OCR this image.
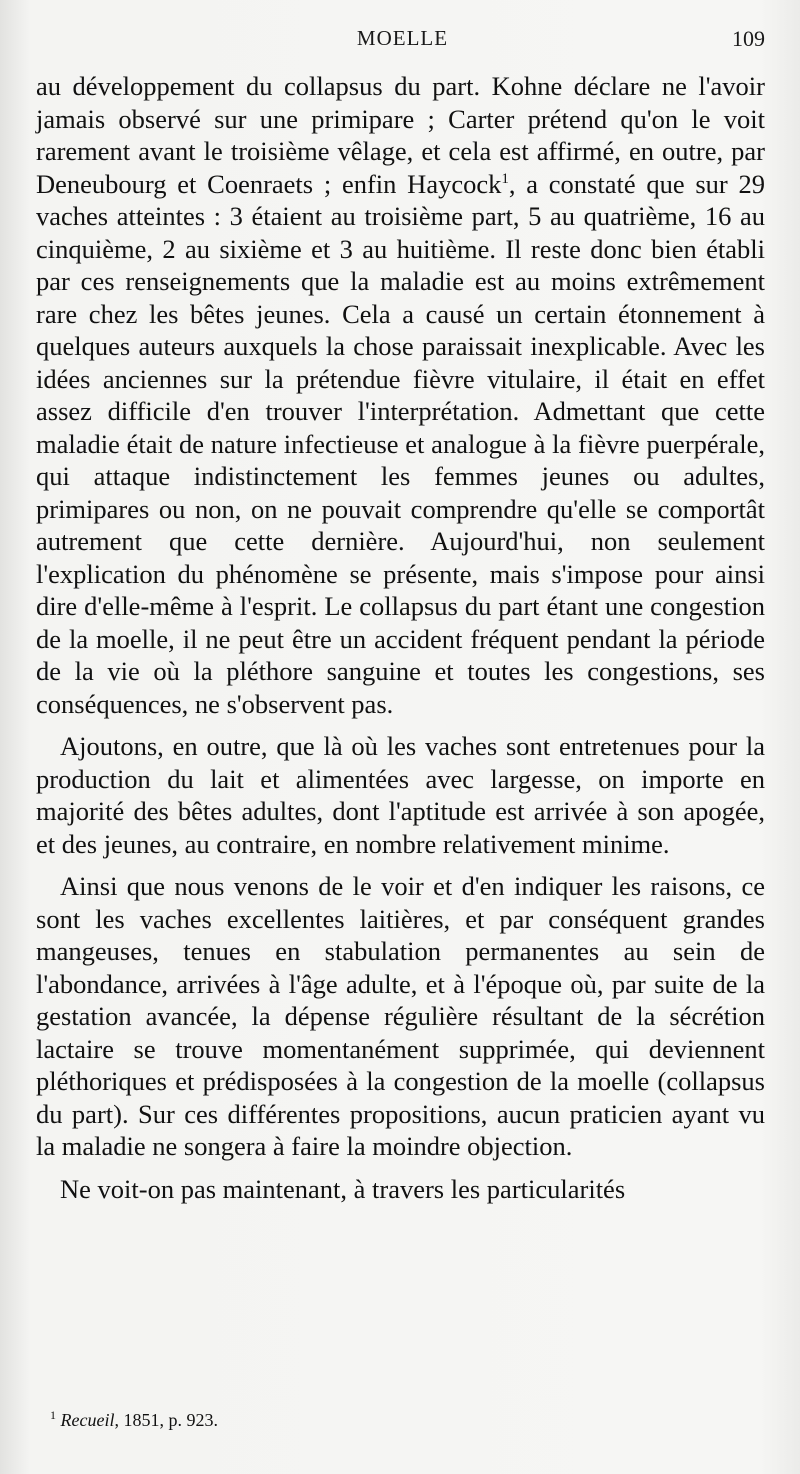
MOELLE	109

au développement du collapsus du part. Kohne déclare ne l'avoir jamais observé sur une primipare ; Carter prétend qu'on le voit rarement avant le troisième vêlage, et cela est affirmé, en outre, par Deneubourg et Coenraets ; enfin Haycock$^1$, a constaté que sur 29 vaches atteintes : 3 étaient au troisième part, 5 au quatrième, 16 au cinquième, 2 au sixième et 3 au huitième. Il reste donc bien établi par ces renseignements que la maladie est au moins extrêmement rare chez les bêtes jeunes. Cela a causé un certain étonnement à quelques auteurs auxquels la chose paraissait inexplicable. Avec les idées anciennes sur la prétendue fièvre vitulaire, il était en effet assez difficile d'en trouver l'interprétation. Admettant que cette maladie était de nature infectieuse et analogue à la fièvre puerpérale, qui attaque indistinctement les femmes jeunes ou adultes, primipares ou non, on ne pouvait comprendre qu'elle se comportât autrement que cette dernière. Aujourd'hui, non seulement l'explication du phénomène se présente, mais s'impose pour ainsi dire d'elle-même à l'esprit. Le collapsus du part étant une congestion de la moelle, il ne peut être un accident fréquent pendant la période de la vie où la pléthore sanguine et toutes les congestions, ses conséquences, ne s'observent pas.

Ajoutons, en outre, que là où les vaches sont entretenues pour la production du lait et alimentées avec largesse, on importe en majorité des bêtes adultes, dont l'aptitude est arrivée à son apogée, et des jeunes, au contraire, en nombre relativement minime.

Ainsi que nous venons de le voir et d'en indiquer les raisons, ce sont les vaches excellentes laitières, et par conséquent grandes mangeuses, tenues en stabulation permanentes au sein de l'abondance, arrivées à l'âge adulte, et à l'époque où, par suite de la gestation avancée, la dépense régulière résultant de la sécrétion lactaire se trouve momentanément supprimée, qui deviennent pléthoriques et prédisposées à la congestion de la moelle (collapsus du part). Sur ces différentes propositions, aucun praticien ayant vu la maladie ne songera à faire la moindre objection.

Ne voit-on pas maintenant, à travers les particularités

$^1$ Recueil, 1851, p. 923.
